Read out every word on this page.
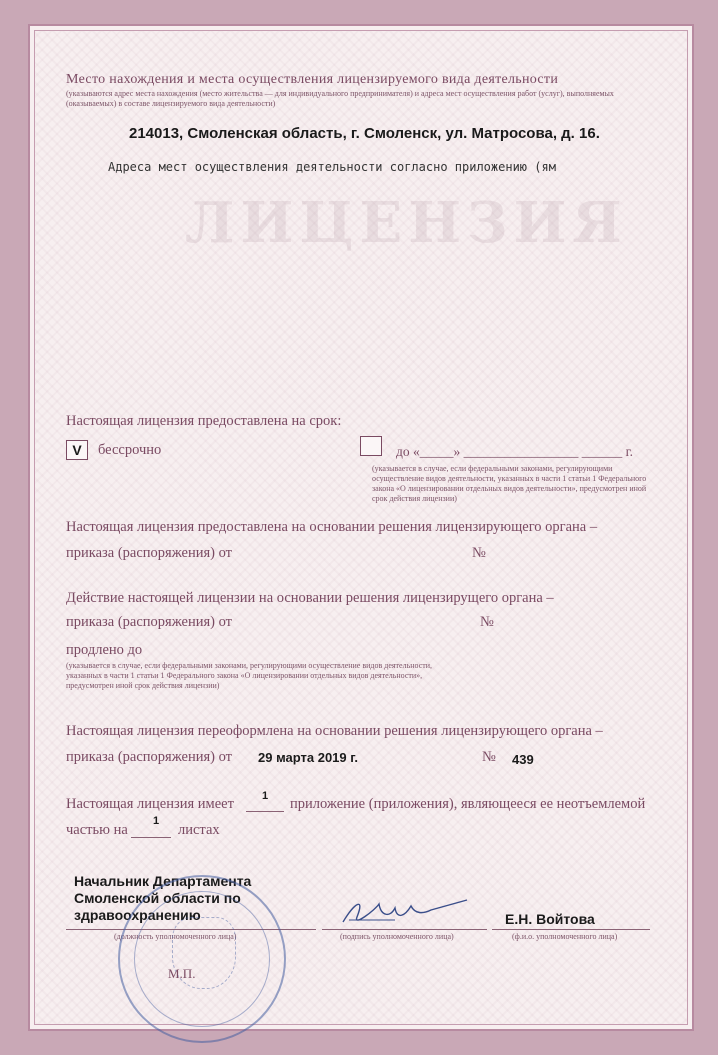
ЛИЦЕНЗИЯ
Место нахождения и места осуществления лицензируемого вида деятельности
(указываются адрес места нахождения (место жительства — для индивидуального предпринимателя) и адреса мест осуществления работ (услуг), выполняемых (оказываемых) в составе лицензируемого вида деятельности)
214013, Смоленская область, г. Смоленск, ул. Матросова, д. 16.
Адреса мест осуществления деятельности согласно приложению (ям
Настоящая лицензия предоставлена на срок:
V	бессрочно	до «_____» _________________ ______ г.
(указывается в случае, если федеральными законами, регулирующими осуществление видов деятельности, указанных в части 1 статьи 1 Федерального закона «О лицензировании отдельных видов деятельности», предусмотрен иной срок действия лицензии)
Настоящая лицензия предоставлена на основании решения лицензирующего органа –
приказа (распоряжения) от	№
Действие настоящей лицензии на основании решения лицензирущего органа –
приказа (распоряжения) от	№
продлено до
(указывается в случае, если федеральными законами, регулирующими осуществление видов деятельности, указанных в части 1 статьи 1 Федерального закона «О лицензировании отдельных видов деятельности», предусмотрен иной срок действия лицензии)
Настоящая лицензия переоформлена на основании решения лицензирующего органа –
приказа (распоряжения) от 29 марта 2019 г.	№ 439
Настоящая лицензия имеет	1 приложение (приложения), являющееся ее неотъемлемой
частью на
1
листах
Начальник Департамента
Смоленской области по
здравоохранению
(должность уполномоченного лица)	(подпись уполномоченного лица)
Е.Н. Войтова
(ф.и.о. уполномоченного лица)
М.П.
